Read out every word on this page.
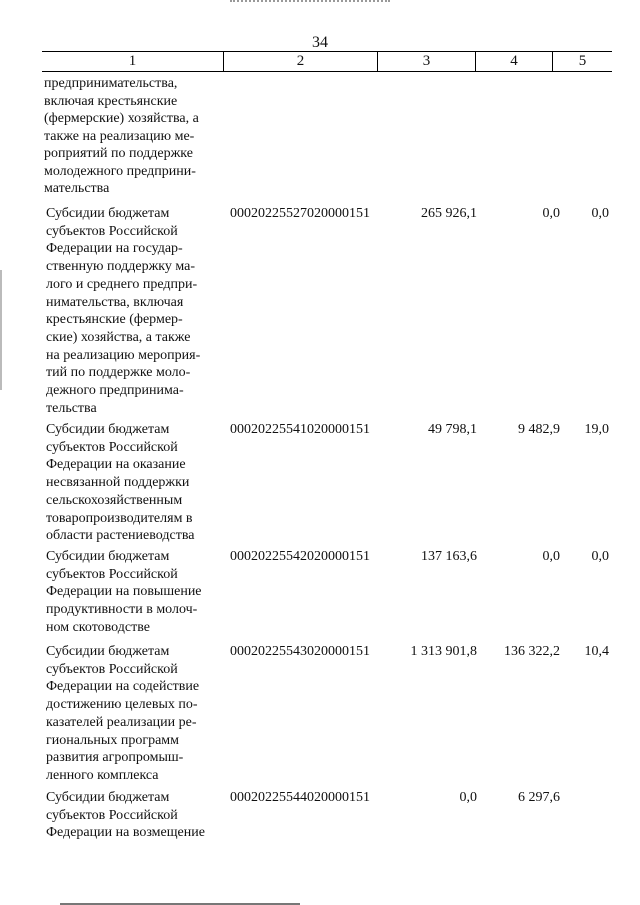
34
1	2	3	4	5
предпринимательства,
включая крестьянские
(фермерские) хозяйства, а
также на реализацию ме-
роприятий по поддержке
молодежного предприни-
мательства
Субсидии бюджетам
субъектов Российской
Федерации на государ-
ственную поддержку ма-
лого и среднего предпри-
нимательства, включая
крестьянские (фермер-
ские) хозяйства, а также
на реализацию мероприя-
тий по поддержке моло-
дежного предпринима-
тельства
00020225527020000151	265 926,1	0,0	0,0
Субсидии бюджетам
субъектов Российской
Федерации на оказание
несвязанной поддержки
сельскохозяйственным
товаропроизводителям в
области растениеводства
00020225541020000151	49 798,1	9 482,9	19,0
Субсидии бюджетам
субъектов Российской
Федерации на повышение
продуктивности в молоч-
ном скотоводстве
00020225542020000151	137 163,6	0,0	0,0
Субсидии бюджетам
субъектов Российской
Федерации на содействие
достижению целевых по-
казателей реализации ре-
гиональных программ
развития агропромыш-
ленного комплекса
00020225543020000151	1 313 901,8	136 322,2	10,4
Субсидии бюджетам
субъектов Российской
Федерации на возмещение
00020225544020000151	0,0	6 297,6
